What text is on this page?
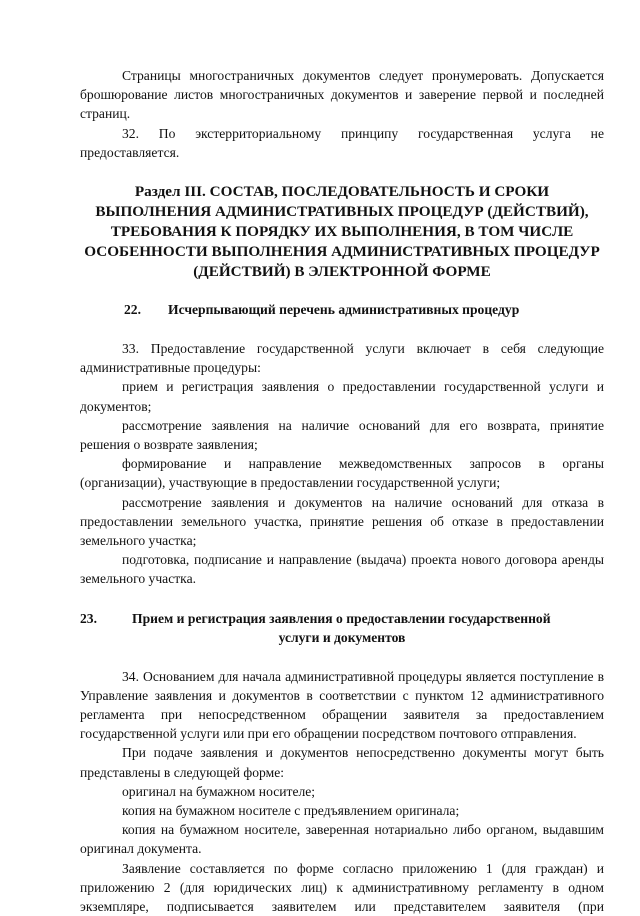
Страницы многостраничных документов следует пронумеровать. Допускается брошюрование листов многостраничных документов и заверение первой и последней страниц.

32. По экстерриториальному принципу государственная услуга не предоставляется.

Раздел III. СОСТАВ, ПОСЛЕДОВАТЕЛЬНОСТЬ И СРОКИ ВЫПОЛНЕНИЯ АДМИНИСТРАТИВНЫХ ПРОЦЕДУР (ДЕЙСТВИЙ), ТРЕБОВАНИЯ К ПОРЯДКУ ИХ ВЫПОЛНЕНИЯ, В ТОМ ЧИСЛЕ ОСОБЕННОСТИ ВЫПОЛНЕНИЯ АДМИНИСТРАТИВНЫХ ПРОЦЕДУР (ДЕЙСТВИЙ) В ЭЛЕКТРОННОЙ ФОРМЕ
22. Исчерпывающий перечень административных процедур

33. Предоставление государственной услуги включает в себя следующие административные процедуры:

прием и регистрация заявления о предоставлении государственной услуги и документов;

рассмотрение заявления на наличие оснований для его возврата, принятие решения о возврате заявления;

формирование и направление межведомственных запросов в органы (организации), участвующие в предоставлении государственной услуги;

рассмотрение заявления и документов на наличие оснований для отказа в предоставлении земельного участка, принятие решения об отказе в предоставлении земельного участка;

подготовка, подписание и направление (выдача) проекта нового договора аренды земельного участка.

23.	Прием и регистрация заявления о предоставлении государственной
услуги и документов

34. Основанием для начала административной процедуры является поступление в Управление заявления и документов в соответствии с пунктом 12 административного регламента при непосредственном обращении заявителя за предоставлением государственной услуги или при его обращении посредством почтового отправления.

При подаче заявления и документов непосредственно документы могут быть представлены в следующей форме:

оригинал на бумажном носителе;

копия на бумажном носителе с предъявлением оригинала;

копия на бумажном носителе, заверенная нотариально либо органом, выдавшим оригинал документа.

Заявление составляется по форме согласно приложению 1 (для граждан) и приложению 2 (для юридических лиц) к административному регламенту в одном экземпляре, подписывается заявителем или представителем заявителя (при
